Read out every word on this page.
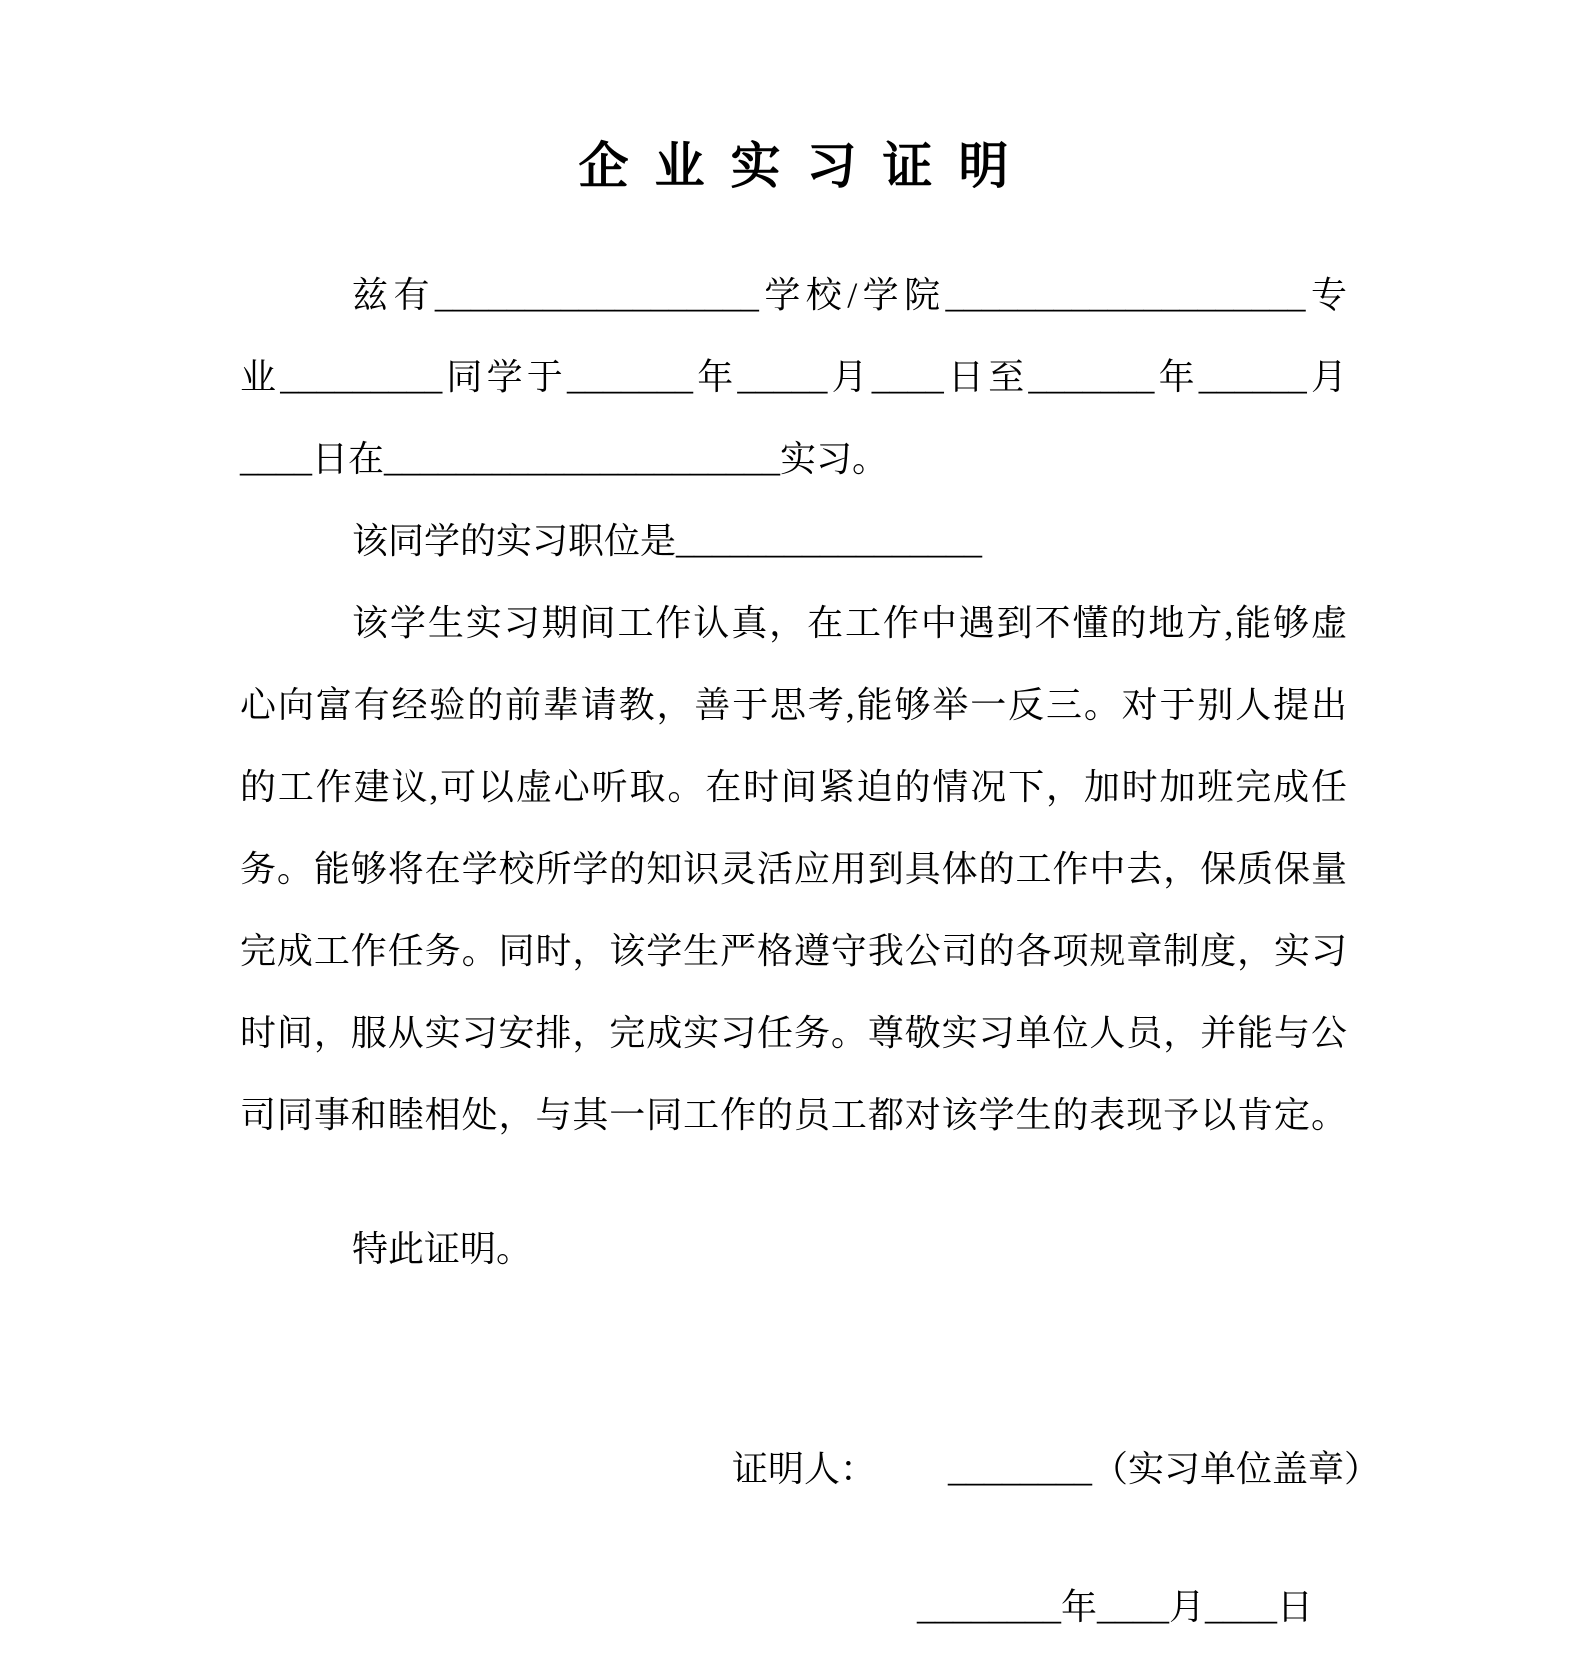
企业实习证明
兹有__________________学校/学院____________________专
业_________同学于_______年_____月____日至_______年______月
____日在______________________实习。
该同学的实习职位是_________________
该学生实习期间工作认真，在工作中遇到不懂的地方,能够虚
心向富有经验的前辈请教，善于思考,能够举一反三。对于别人提出
的工作建议,可以虚心听取。在时间紧迫的情况下，加时加班完成任
务。能够将在学校所学的知识灵活应用到具体的工作中去，保质保量
完成工作任务。同时，该学生严格遵守我公司的各项规章制度，实习
时间，服从实习安排，完成实习任务。尊敬实习单位人员，并能与公
司同事和睦相处，与其一同工作的员工都对该学生的表现予以肯定。
特此证明。
证明人： ________（实习单位盖章）
________年____月____日
